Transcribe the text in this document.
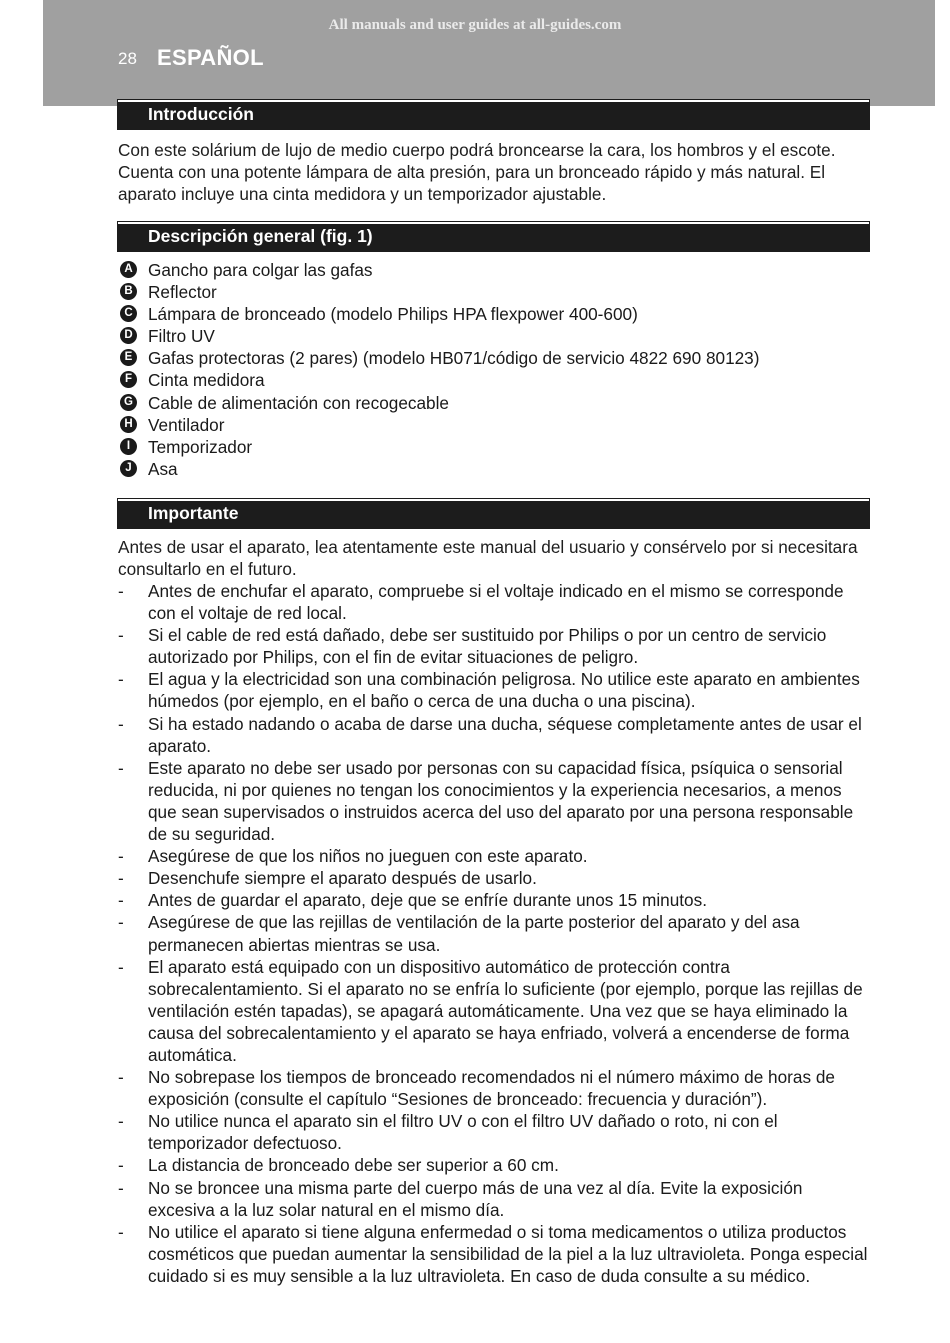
All manuals and user guides at all-guides.com
28 ESPAÑOL
Introducción
Con este solárium de lujo de medio cuerpo podrá broncearse la cara, los hombros y el escote. Cuenta con una potente lámpara de alta presión, para un bronceado rápido y más natural. El aparato incluye una cinta medidora y un temporizador ajustable.
Descripción general (fig. 1)
A Gancho para colgar las gafas
B Reflector
C Lámpara de bronceado (modelo Philips HPA flexpower 400-600)
D Filtro UV
E Gafas protectoras (2 pares) (modelo HB071/código de servicio 4822 690 80123)
F Cinta medidora
G Cable de alimentación con recogecable
H Ventilador
I	Temporizador
J Asa
Importante
Antes de usar el aparato, lea atentamente este manual del usuario y consérvelo por si necesitara consultarlo en el futuro.
- Antes de enchufar el aparato, compruebe si el voltaje indicado en el mismo se corresponde con el voltaje de red local.
- Si el cable de red está dañado, debe ser sustituido por Philips o por un centro de servicio autorizado por Philips, con el fin de evitar situaciones de peligro.
- El agua y la electricidad son una combinación peligrosa. No utilice este aparato en ambientes húmedos (por ejemplo, en el baño o cerca de una ducha o una piscina).
- Si ha estado nadando o acaba de darse una ducha, séquese completamente antes de usar el aparato.
- Este aparato no debe ser usado por personas con su capacidad física, psíquica o sensorial reducida, ni por quienes no tengan los conocimientos y la experiencia necesarios, a menos que sean supervisados o instruidos acerca del uso del aparato por una persona responsable de su seguridad.
- Asegúrese de que los niños no jueguen con este aparato.
- Desenchufe siempre el aparato después de usarlo.
- Antes de guardar el aparato, deje que se enfríe durante unos 15 minutos.
- Asegúrese de que las rejillas de ventilación de la parte posterior del aparato y del asa permanecen abiertas mientras se usa.
- El aparato está equipado con un dispositivo automático de protección contra sobrecalentamiento. Si el aparato no se enfría lo suficiente (por ejemplo, porque las rejillas de ventilación estén tapadas), se apagará automáticamente. Una vez que se haya eliminado la causa del sobrecalentamiento y el aparato se haya enfriado, volverá a encenderse de forma automática.
- No sobrepase los tiempos de bronceado recomendados ni el número máximo de horas de exposición (consulte el capítulo “Sesiones de bronceado: frecuencia y duración”).
- No utilice nunca el aparato sin el filtro UV o con el filtro UV dañado o roto, ni con el temporizador defectuoso.
- La distancia de bronceado debe ser superior a 60 cm.
- No se broncee una misma parte del cuerpo más de una vez al día. Evite la exposición excesiva a la luz solar natural en el mismo día.
- No utilice el aparato si tiene alguna enfermedad o si toma medicamentos o utiliza productos cosméticos que puedan aumentar la sensibilidad de la piel a la luz ultravioleta. Ponga especial cuidado si es muy sensible a la luz ultravioleta. En caso de duda consulte a su médico.
